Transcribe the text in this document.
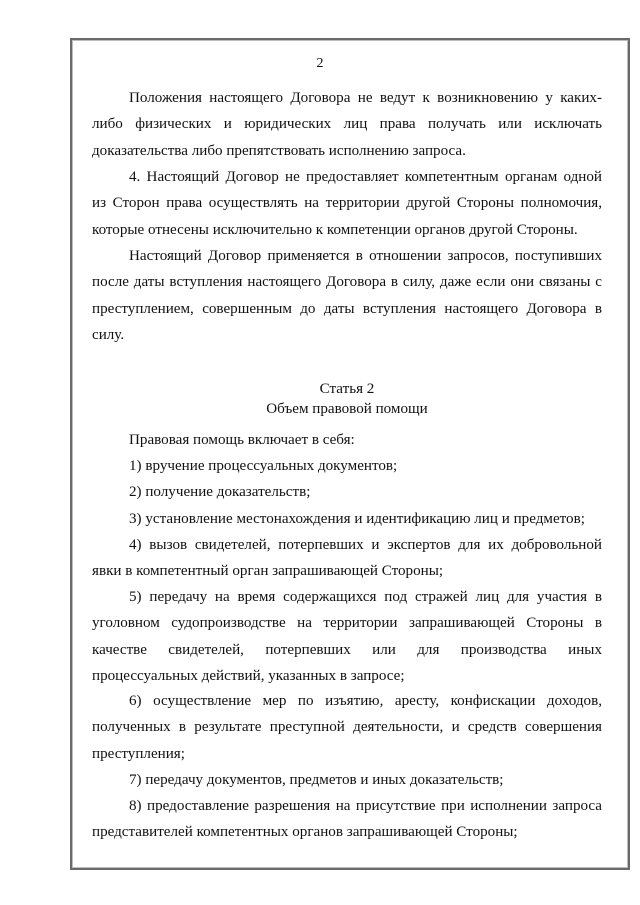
2

Положения настоящего Договора не ведут к возникновению у каких-либо физических и юридических лиц права получать или исключать доказательства либо препятствовать исполнению запроса.

4. Настоящий Договор не предоставляет компетентным органам одной из Сторон права осуществлять на территории другой Стороны полномочия, которые отнесены исключительно к компетенции органов другой Стороны.

Настоящий Договор применяется в отношении запросов, поступивших после даты вступления настоящего Договора в силу, даже если они связаны с преступлением, совершенным до даты вступления настоящего Договора в силу.

Статья 2

Объем правовой помощи

Правовая помощь включает в себя:

1) вручение процессуальных документов;

2) получение доказательств;

3) установление местонахождения и идентификацию лиц и предметов;

4) вызов свидетелей, потерпевших и экспертов для их добровольной явки в компетентный орган запрашивающей Стороны;

5) передачу на время содержащихся под стражей лиц для участия в уголовном судопроизводстве на территории запрашивающей Стороны в качестве свидетелей, потерпевших или для производства иных процессуальных действий, указанных в запросе;

6) осуществление мер по изъятию, аресту, конфискации доходов, полученных в результате преступной деятельности, и средств совершения преступления;

7) передачу документов, предметов и иных доказательств;

8) предоставление разрешения на присутствие при исполнении запроса представителей компетентных органов запрашивающей Стороны;
